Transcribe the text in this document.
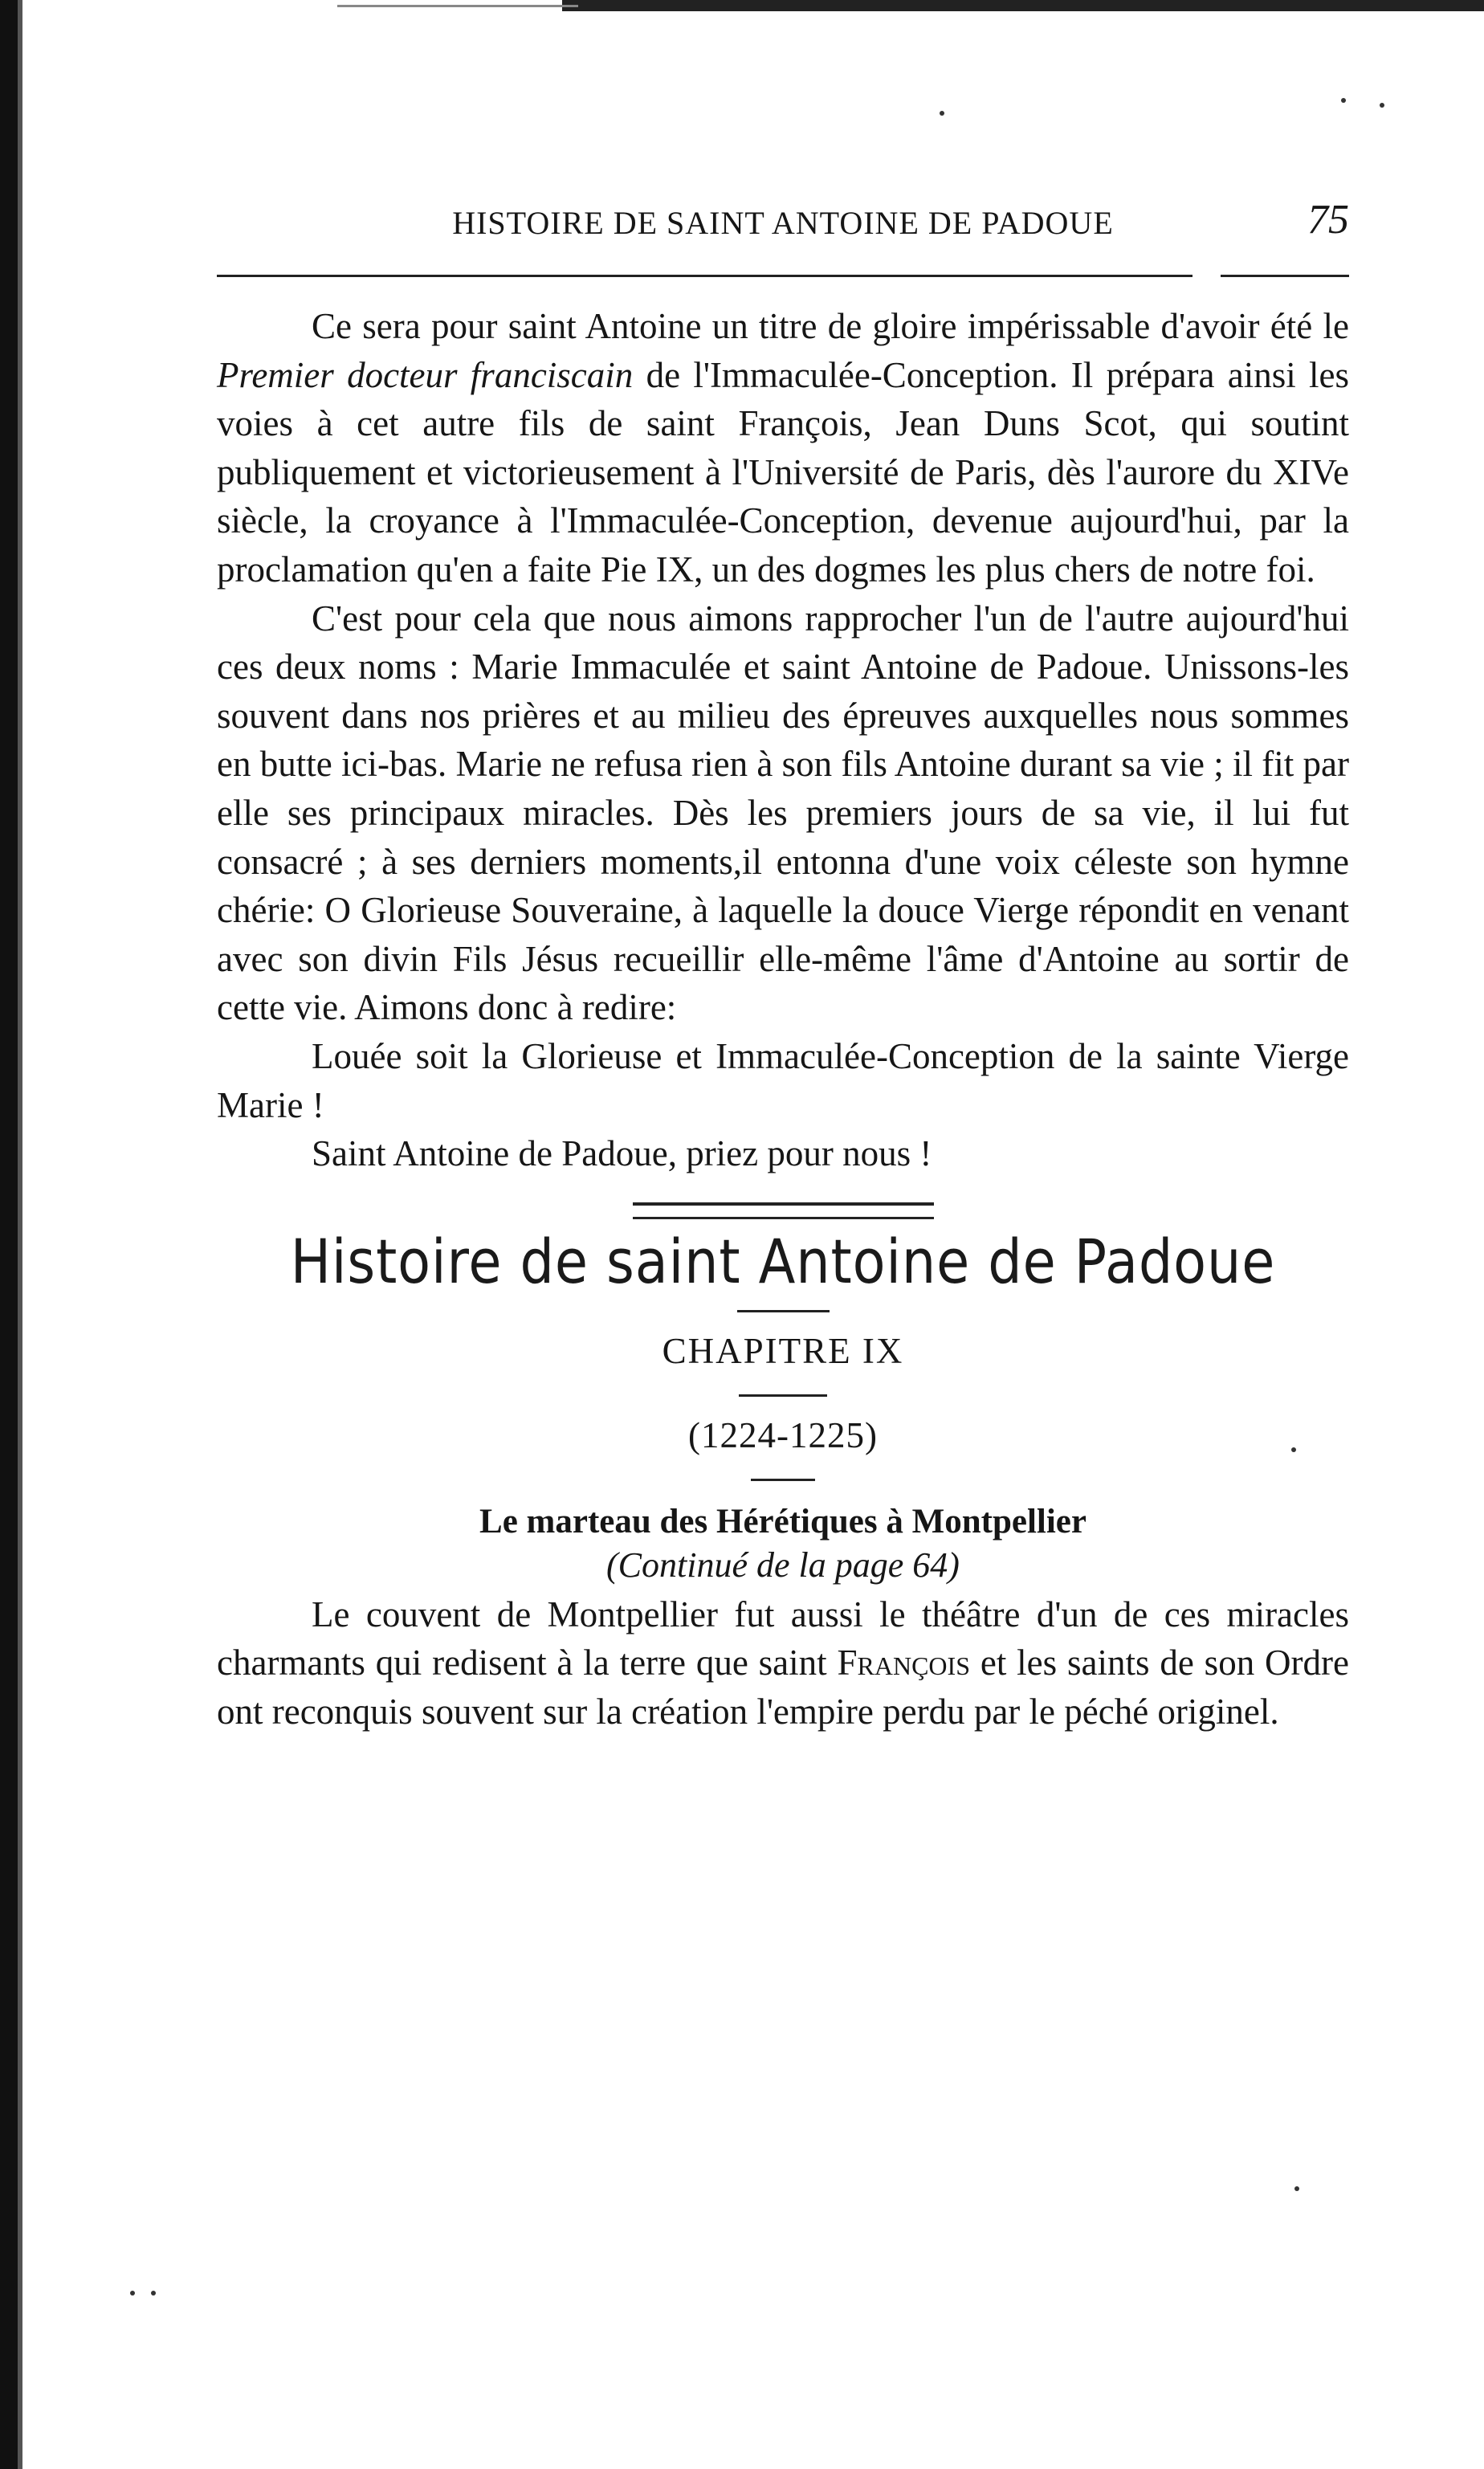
HISTOIRE DE SAINT ANTOINE DE PADOUE	75

Ce sera pour saint Antoine un titre de gloire impérissable d'avoir été le Premier docteur franciscain de l'Immaculée-Conception. Il prépara ainsi les voies à cet autre fils de saint François, Jean Duns Scot, qui soutint publiquement et victorieusement à l'Université de Paris, dès l'aurore du XIVe siècle, la croyance à l'Immaculée-Conception, devenue aujourd'hui, par la proclamation qu'en a faite Pie IX, un des dogmes les plus chers de notre foi.

C'est pour cela que nous aimons rapprocher l'un de l'autre aujourd'hui ces deux noms : Marie Immaculée et saint Antoine de Padoue. Unissons-les souvent dans nos prières et au milieu des épreuves auxquelles nous sommes en butte ici-bas. Marie ne refusa rien à son fils Antoine durant sa vie ; il fit par elle ses principaux miracles. Dès les premiers jours de sa vie, il lui fut consacré ; à ses derniers moments,il entonna d'une voix céleste son hymne chérie: O Glorieuse Souveraine, à laquelle la douce Vierge répondit en venant avec son divin Fils Jésus recueillir elle-même l'âme d'Antoine au sortir de cette vie. Aimons donc à redire:

Louée soit la Glorieuse et Immaculée-Conception de la sainte Vierge Marie !

Saint Antoine de Padoue, priez pour nous !

Histoire de saint Antoine de Padoue
CHAPITRE IX
(1224-1225)
Le marteau des Hérétiques à Montpellier
(Continué de la page 64)

Le couvent de Montpellier fut aussi le théâtre d'un de ces miracles charmants qui redisent à la terre que saint François et les saints de son Ordre ont reconquis souvent sur la création l'empire perdu par le péché originel.
